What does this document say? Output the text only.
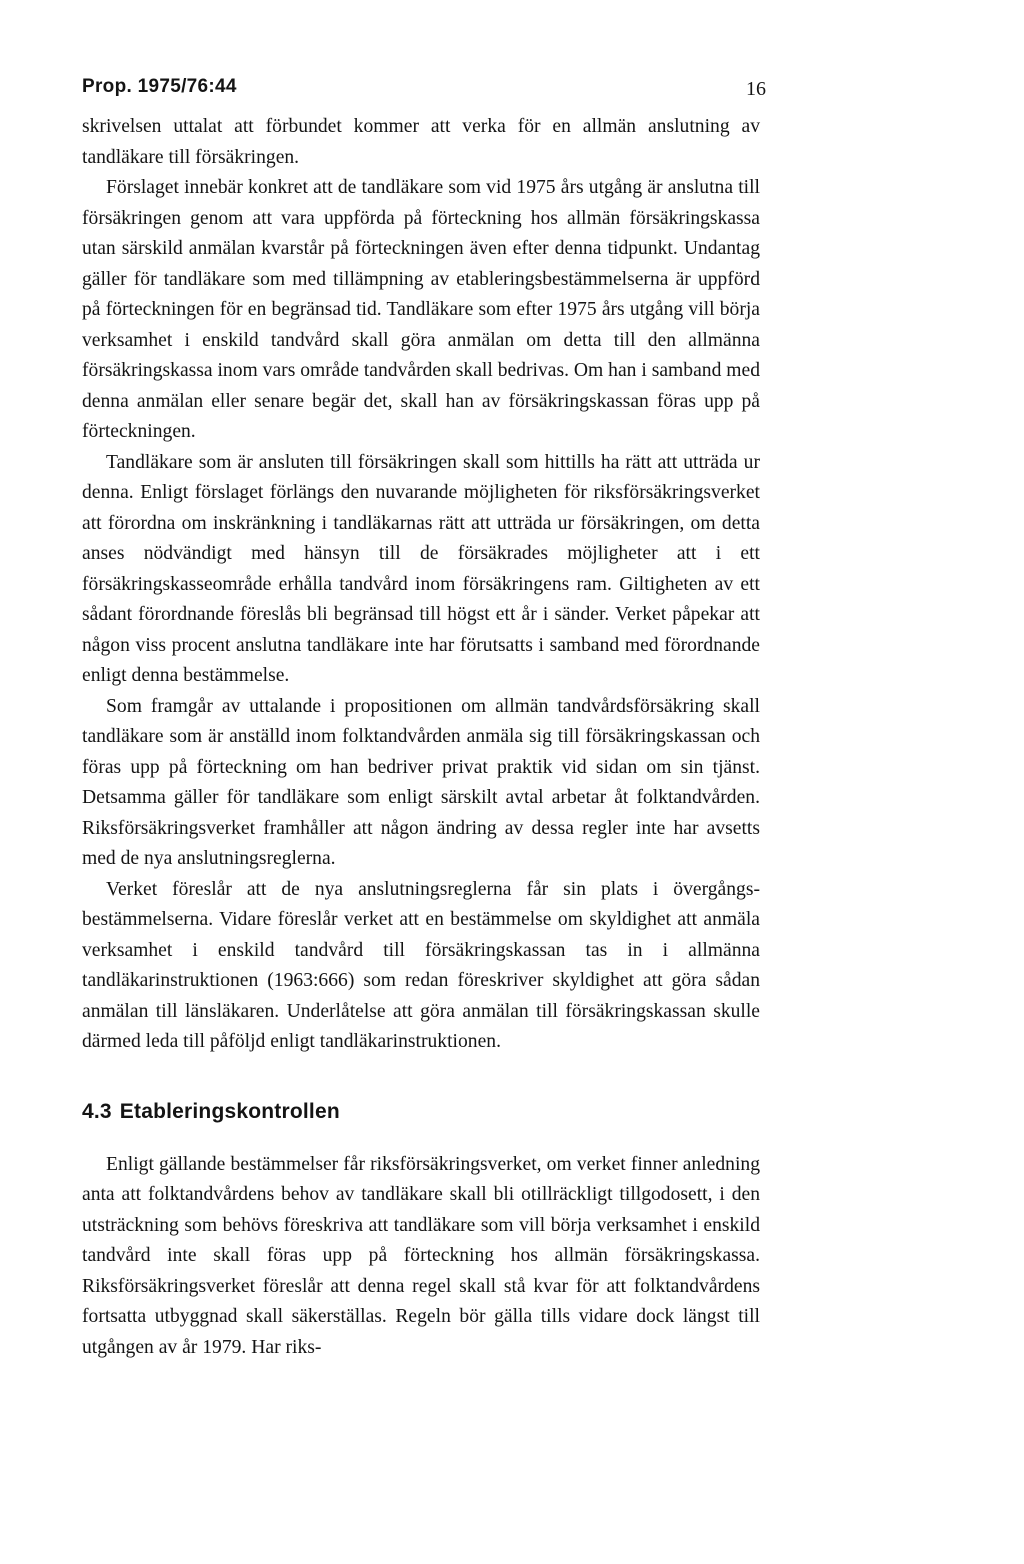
Prop. 1975/76:44	16

skrivelsen uttalat att förbundet kommer att verka för en allmän anslutning av tandläkare till försäkringen.

Förslaget innebär konkret att de tandläkare som vid 1975 års utgång är anslutna till försäkringen genom att vara uppförda på förteckning hos allmän försäkringskassa utan särskild anmälan kvarstår på förteckningen även efter denna tidpunkt. Undantag gäller för tandläkare som med tillämpning av etableringsbestämmelserna är uppförd på förteckningen för en begränsad tid. Tandläkare som efter 1975 års utgång vill börja verksamhet i enskild tandvård skall göra anmälan om detta till den allmänna försäkringskassa inom vars område tandvården skall bedrivas. Om han i samband med denna anmälan eller senare begär det, skall han av försäkringskassan föras upp på förteckningen.

Tandläkare som är ansluten till försäkringen skall som hittills ha rätt att utträda ur denna. Enligt förslaget förlängs den nuvarande möjligheten för riksförsäkringsverket att förordna om inskränkning i tandläkarnas rätt att utträda ur försäkringen, om detta anses nödvändigt med hänsyn till de försäkrades möjligheter att i ett försäkringskasseområde erhålla tandvård inom försäkringens ram. Giltigheten av ett sådant förordnande föreslås bli begränsad till högst ett år i sänder. Verket påpekar att någon viss procent anslutna tandläkare inte har förutsatts i samband med förordnande enligt denna bestämmelse.

Som framgår av uttalande i propositionen om allmän tandvårdsförsäkring skall tandläkare som är anställd inom folktandvården anmäla sig till försäkringskassan och föras upp på förteckning om han bedriver privat praktik vid sidan om sin tjänst. Detsamma gäller för tandläkare som enligt särskilt avtal arbetar åt folktandvården. Riksförsäkringsverket framhåller att någon ändring av dessa regler inte har avsetts med de nya anslutningsreglerna.

Verket föreslår att de nya anslutningsreglerna får sin plats i övergångsbestämmelserna. Vidare föreslår verket att en bestämmelse om skyldighet att anmäla verksamhet i enskild tandvård till försäkringskassan tas in i allmänna tandläkarinstruktionen (1963:666) som redan föreskriver skyldighet att göra sådan anmälan till länsläkaren. Underlåtelse att göra anmälan till försäkringskassan skulle därmed leda till påföljd enligt tandläkarinstruktionen.

4.3 Etableringskontrollen

Enligt gällande bestämmelser får riksförsäkringsverket, om verket finner anledning anta att folktandvårdens behov av tandläkare skall bli otillräckligt tillgodosett, i den utsträckning som behövs föreskriva att tandläkare som vill börja verksamhet i enskild tandvård inte skall föras upp på förteckning hos allmän försäkringskassa. Riksförsäkringsverket föreslår att denna regel skall stå kvar för att folktandvårdens fortsatta utbyggnad skall säkerställas. Regeln bör gälla tills vidare dock längst till utgången av år 1979. Har riks-
